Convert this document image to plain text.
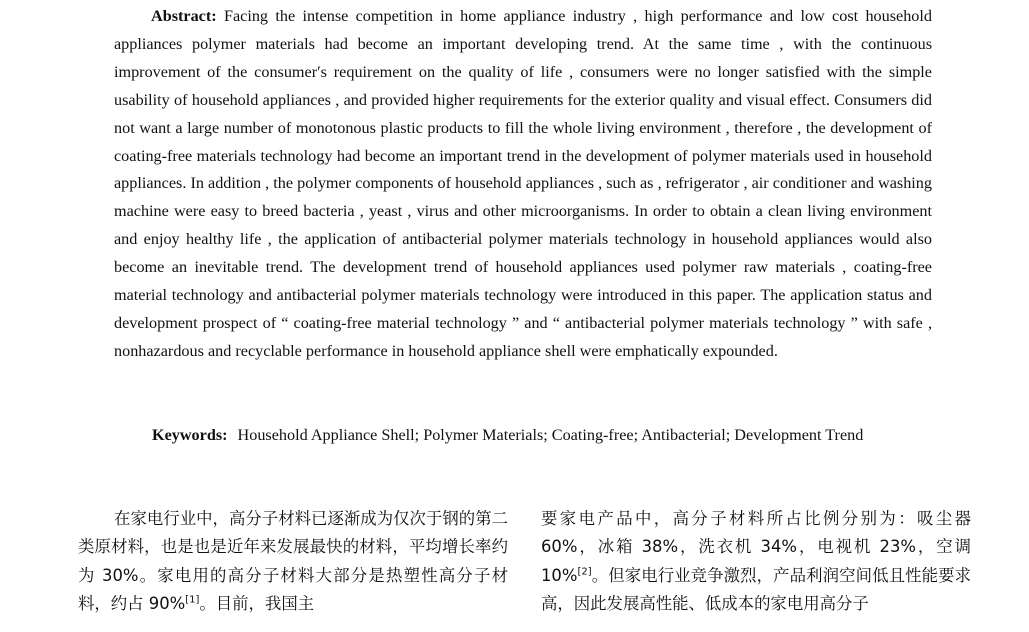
Abstract: Facing the intense competition in home appliance industry , high performance and low cost household appliances polymer materials had become an important developing trend. At the same time , with the continuous improvement of the consumer′s requirement on the quality of life , consumers were no longer satisfied with the simple usability of household appliances , and provided higher requirements for the exterior quality and visual effect. Consumers did not want a large number of monotonous plastic products to fill the whole living environment , therefore , the development of coating-free materials technology had become an important trend in the development of polymer materials used in household appliances. In addition , the polymer components of household appliances , such as , refrigerator , air conditioner and washing machine were easy to breed bacteria , yeast , virus and other microorganisms. In order to obtain a clean living environment and enjoy healthy life , the application of antibacterial polymer materials technology in household appliances would also become an inevitable trend. The development trend of household appliances used polymer raw materials , coating-free material technology and antibacterial polymer materials technology were introduced in this paper. The application status and development prospect of “ coating-free material technology ” and “ antibacterial polymer materials technology ” with safe , nonhazardous and recyclable performance in household appliance shell were emphatically expounded.
Keywords: Household Appliance Shell; Polymer Materials; Coating-free; Antibacterial; Development Trend
在家电行业中，高分子材料已逐渐成为仅次于钢的第二类原材料，也是也是近年来发展最快的材料，平均增长率约为 30%。家电用的高分子材料大部分是热塑性高分子材料，约占 90%[1]。目前，我国主
要家电产品中，高分子材料所占比例分别为：吸尘器 60%，冰箱 38%，洗衣机 34%，电视机 23%，空调 10%[2]。但家电行业竞争激烈，产品利润空间低且性能要求高，因此发展高性能、低成本的家电用高分子
